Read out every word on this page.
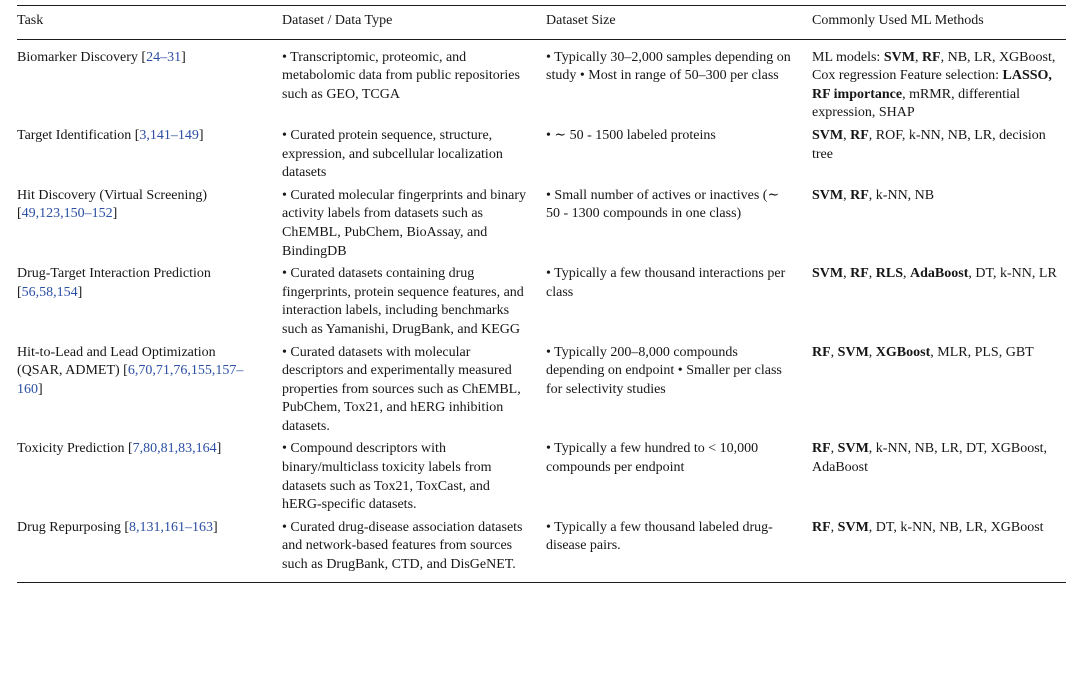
Task	Dataset / Data Type	Dataset Size	Commonly Used ML Methods
Biomarker Discovery [24–31]	• Transcriptomic, proteomic, and metabolomic data from public repositories such as GEO, TCGA	• Typically 30–2,000 samples depending on study • Most in range of 50–300 per class	ML models: SVM, RF, NB, LR, XGBoost, Cox regression Feature selection: LASSO, RF importance, mRMR, differential expression, SHAP
Target Identification [3,141–149]	• Curated protein sequence, structure, expression, and subcellular localization datasets	• ∼ 50 - 1500 labeled proteins	SVM, RF, ROF, k-NN, NB, LR, decision tree
Hit Discovery (Virtual Screening) [49,123,150–152]	• Curated molecular fingerprints and binary activity labels from datasets such as ChEMBL, PubChem, BioAssay, and BindingDB	• Small number of actives or inactives (∼ 50 - 1300 compounds in one class)	SVM, RF, k-NN, NB
Drug-Target Interaction Prediction [56,58,154]	• Curated datasets containing drug fingerprints, protein sequence features, and interaction labels, including benchmarks such as Yamanishi, DrugBank, and KEGG	• Typically a few thousand interactions per class	SVM, RF, RLS, AdaBoost, DT, k-NN, LR
Hit-to-Lead and Lead Optimization (QSAR, ADMET) [6,70,71,76,155,157–160]	• Curated datasets with molecular descriptors and experimentally measured properties from sources such as ChEMBL, PubChem, Tox21, and hERG inhibition datasets.	• Typically 200–8,000 compounds depending on endpoint • Smaller per class for selectivity studies	RF, SVM, XGBoost, MLR, PLS, GBT
Toxicity Prediction [7,80,81,83,164]	• Compound descriptors with binary/multiclass toxicity labels from datasets such as Tox21, ToxCast, and hERG-specific datasets.	• Typically a few hundred to < 10,000 compounds per endpoint	RF, SVM, k-NN, NB, LR, DT, XGBoost, AdaBoost
Drug Repurposing [8,131,161–163]	• Curated drug-disease association datasets and network-based features from sources such as DrugBank, CTD, and DisGeNET.	• Typically a few thousand labeled drug-disease pairs.	RF, SVM, DT, k-NN, NB, LR, XGBoost
